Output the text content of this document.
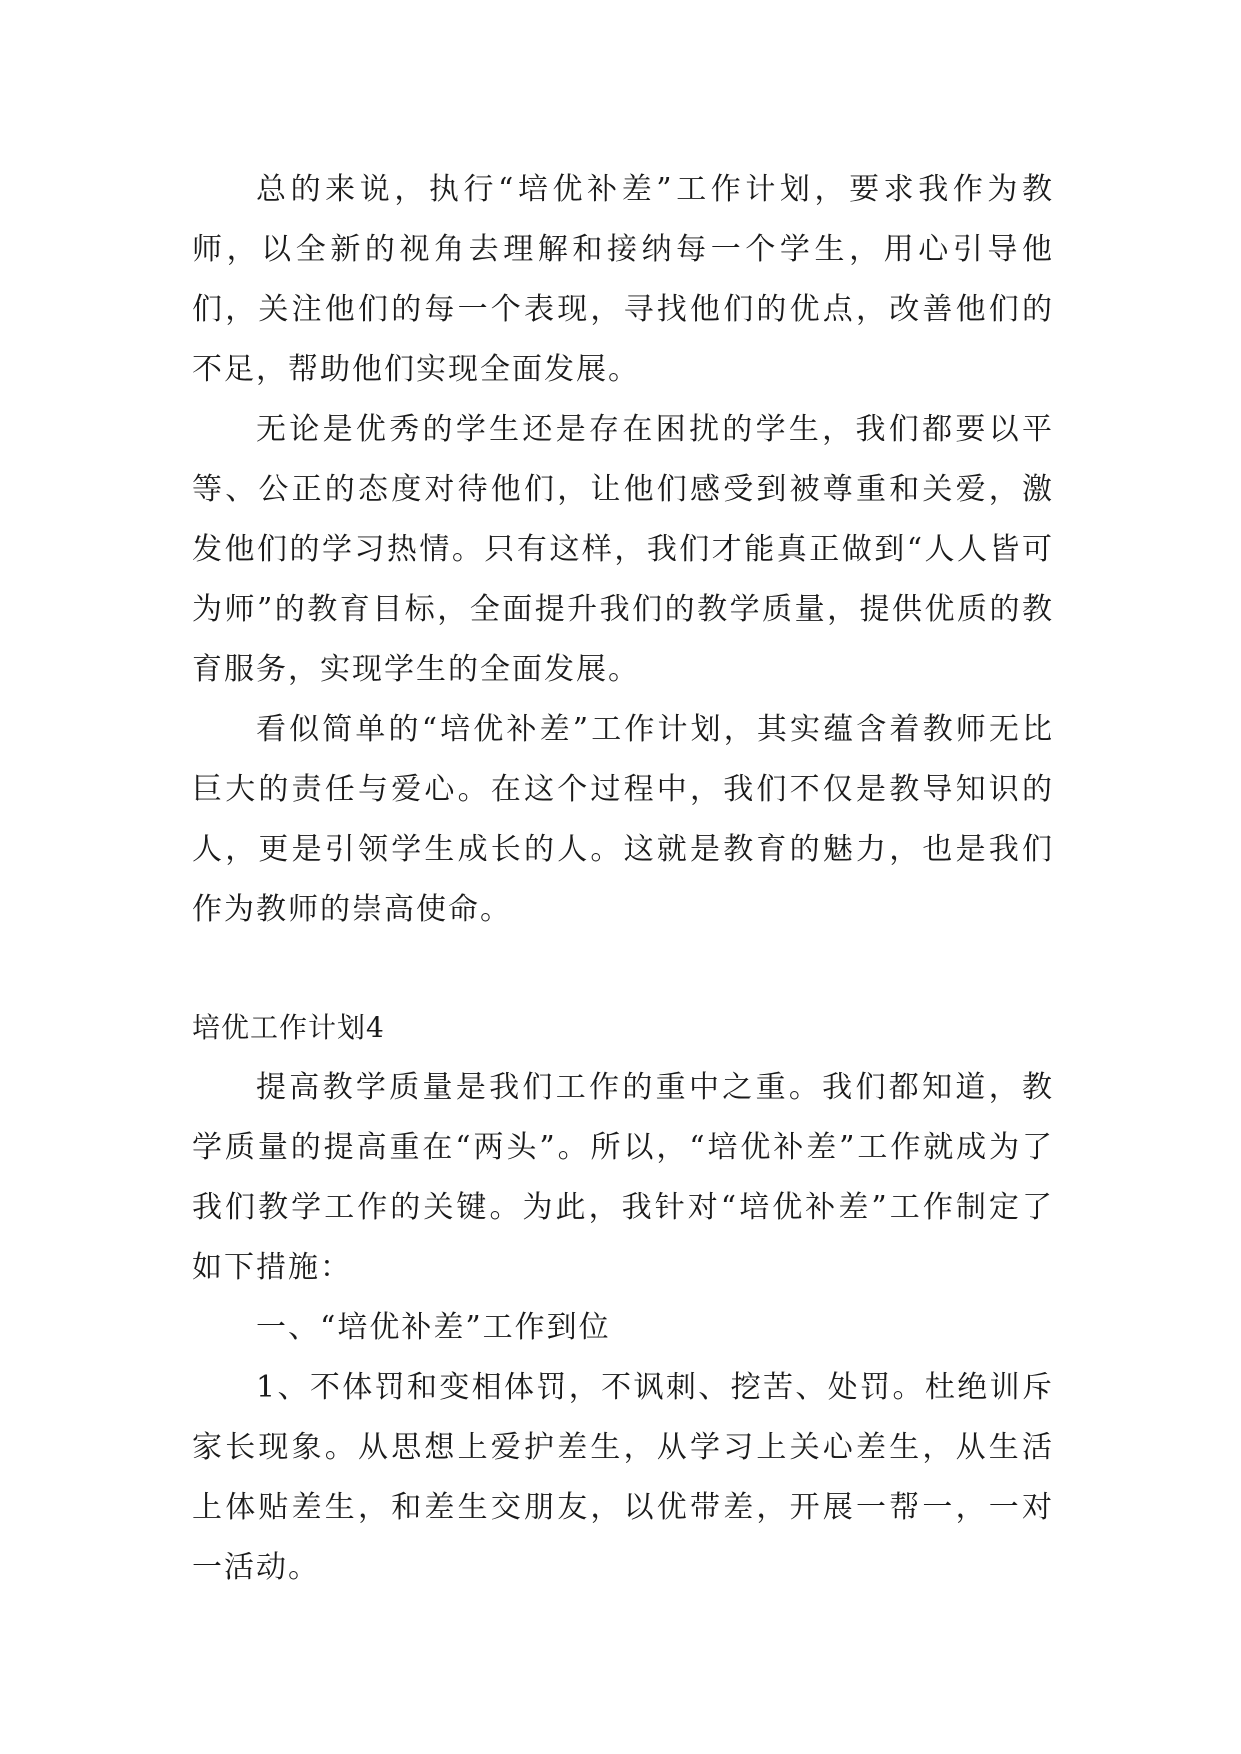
总的来说，执行“培优补差”工作计划，要求我作为教师，以全新的视角去理解和接纳每一个学生，用心引导他们，关注他们的每一个表现，寻找他们的优点，改善他们的不足，帮助他们实现全面发展。

无论是优秀的学生还是存在困扰的学生，我们都要以平等、公正的态度对待他们，让他们感受到被尊重和关爱，激发他们的学习热情。只有这样，我们才能真正做到“人人皆可为师”的教育目标，全面提升我们的教学质量，提供优质的教育服务，实现学生的全面发展。

看似简单的“培优补差”工作计划，其实蕴含着教师无比巨大的责任与爱心。在这个过程中，我们不仅是教导知识的人，更是引领学生成长的人。这就是教育的魅力，也是我们作为教师的崇高使命。

培优工作计划4

提高教学质量是我们工作的重中之重。我们都知道，教学质量的提高重在“两头”。所以，“培优补差”工作就成为了我们教学工作的关键。为此，我针对“培优补差”工作制定了如下措施：

一、“培优补差”工作到位

1、不体罚和变相体罚，不讽刺、挖苦、处罚。杜绝训斥家长现象。从思想上爱护差生，从学习上关心差生，从生活上体贴差生，和差生交朋友，以优带差，开展一帮一，一对一活动。
